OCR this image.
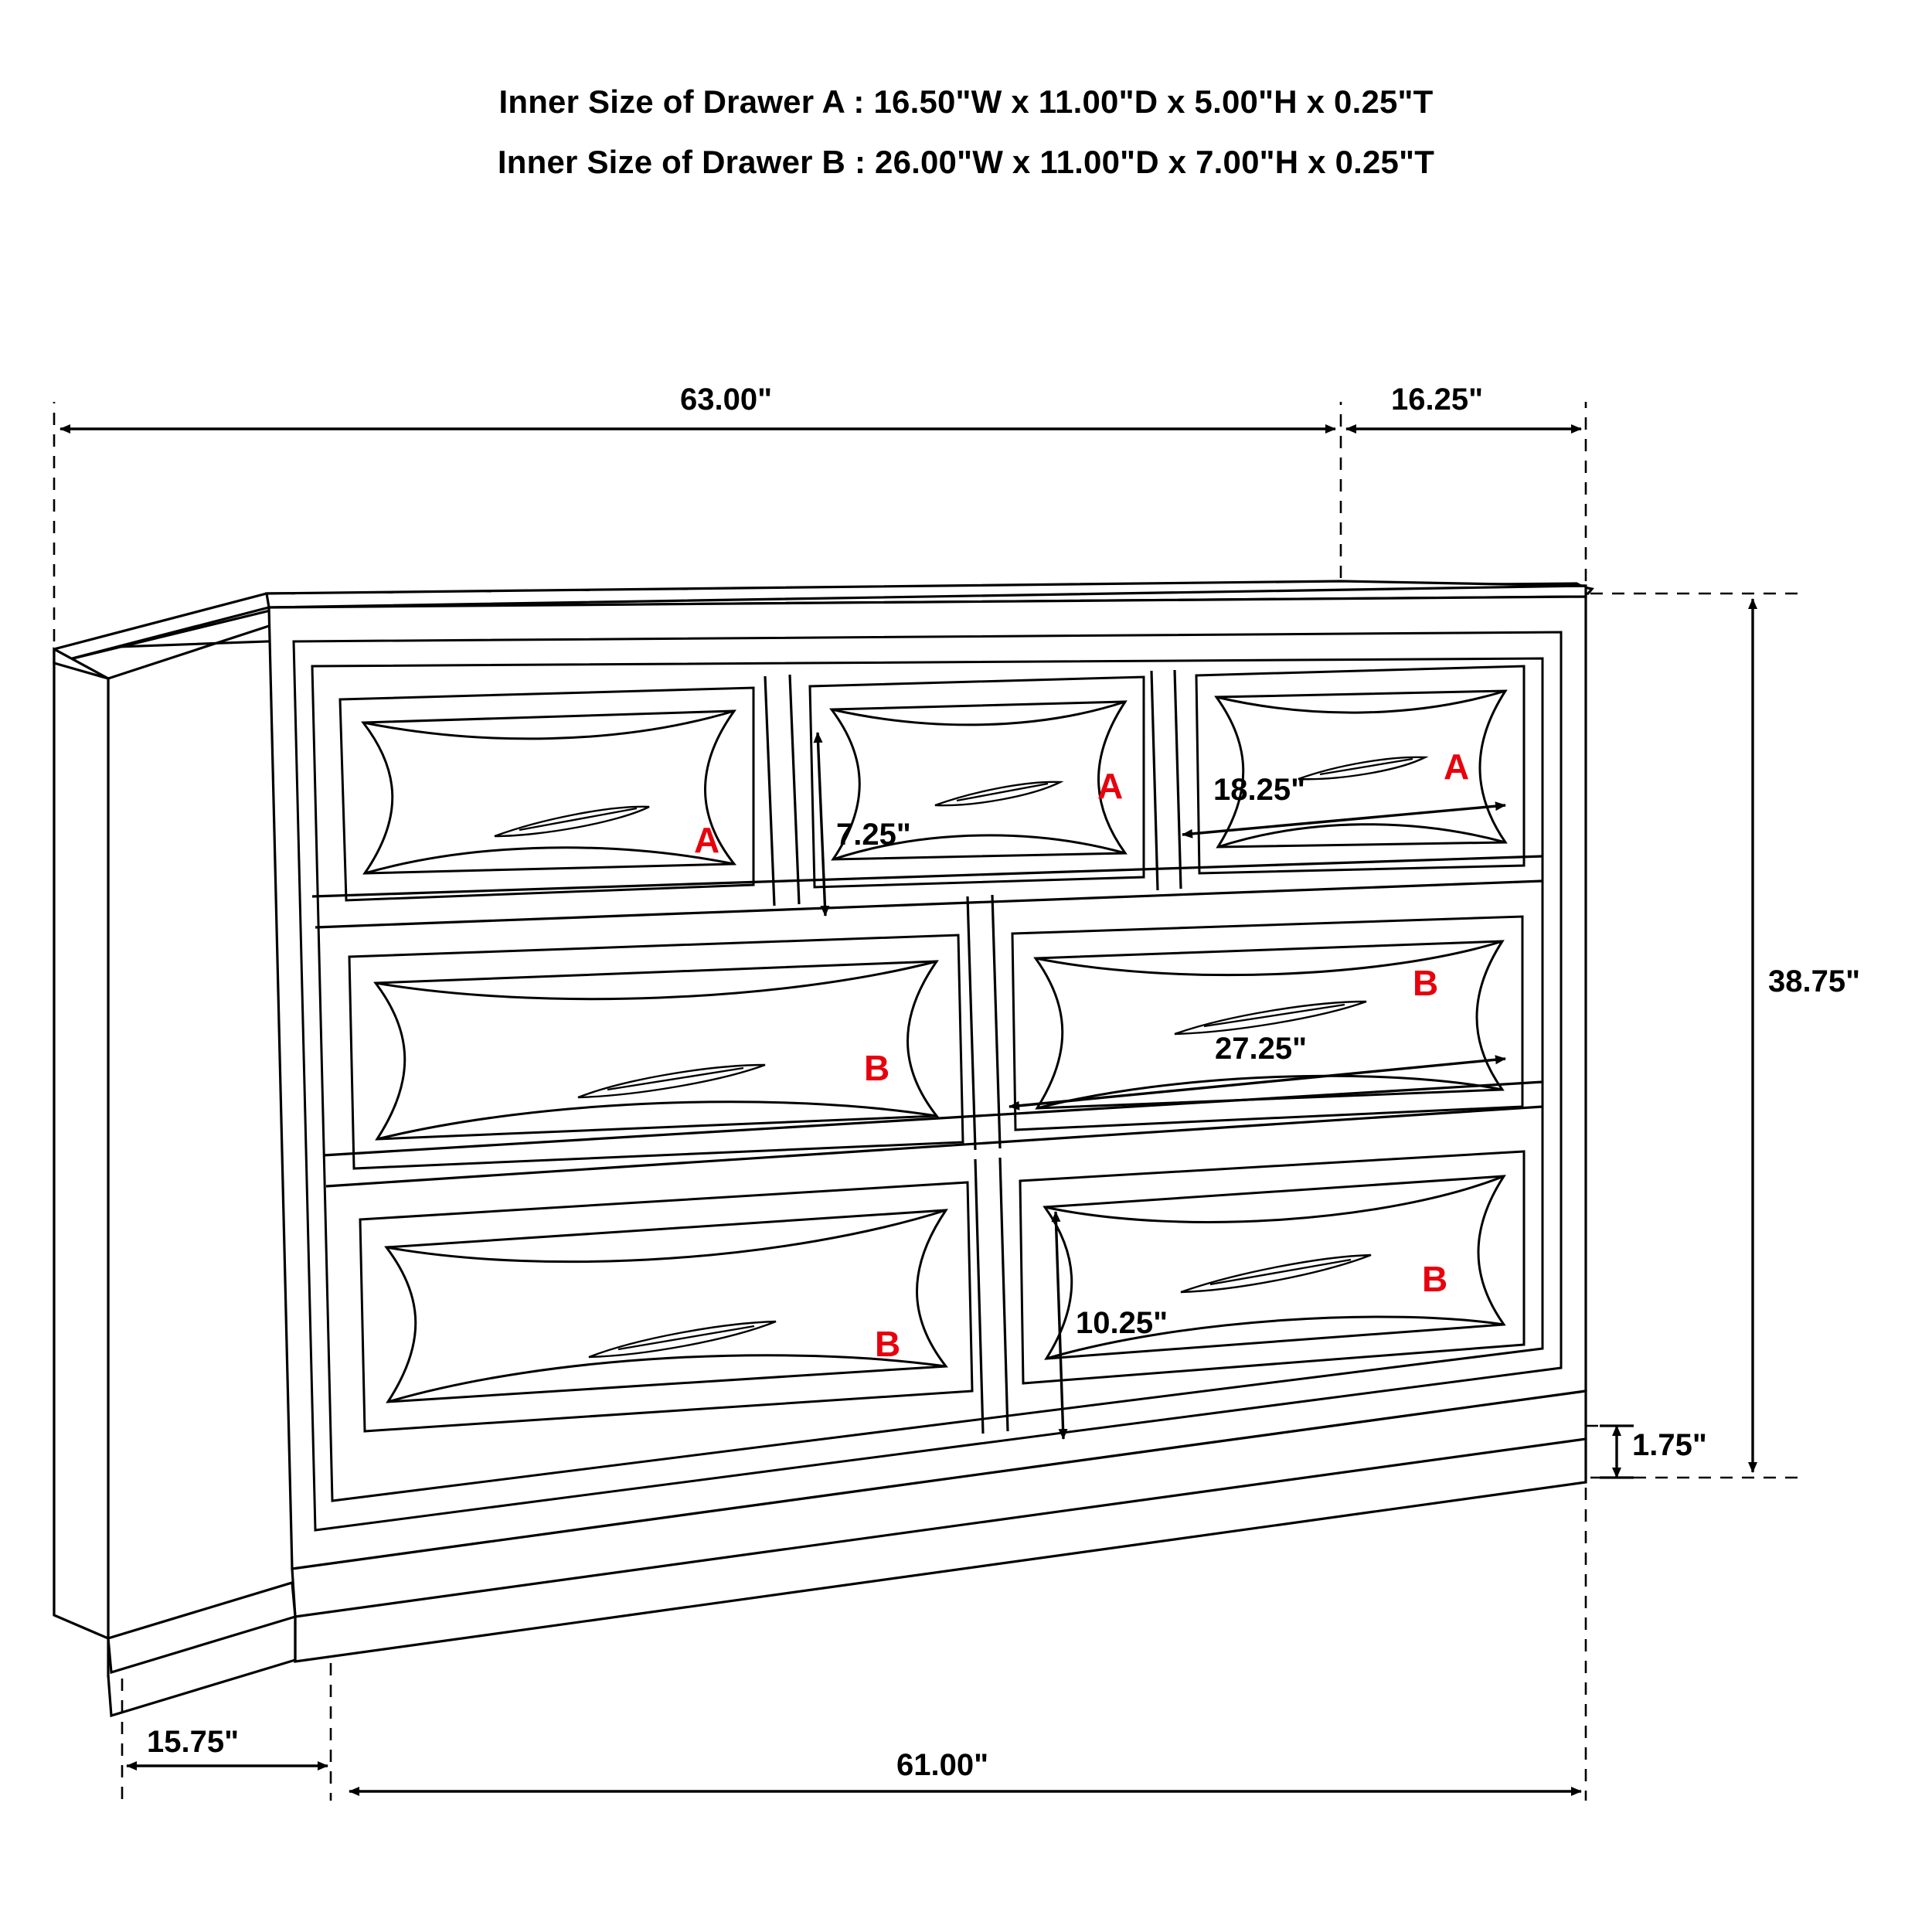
Inner Size of Drawer A : 16.50"W x 11.00"D x 5.00"H x 0.25"T
Inner Size of Drawer B : 26.00"W x 11.00"D x 7.00"H x 0.25"T
63.00"	16.25"
38.75"
7.25"
18.25"
27.25"
10.25"
1.75"
15.75"
61.00"
A
A	A
B
B
B
B
